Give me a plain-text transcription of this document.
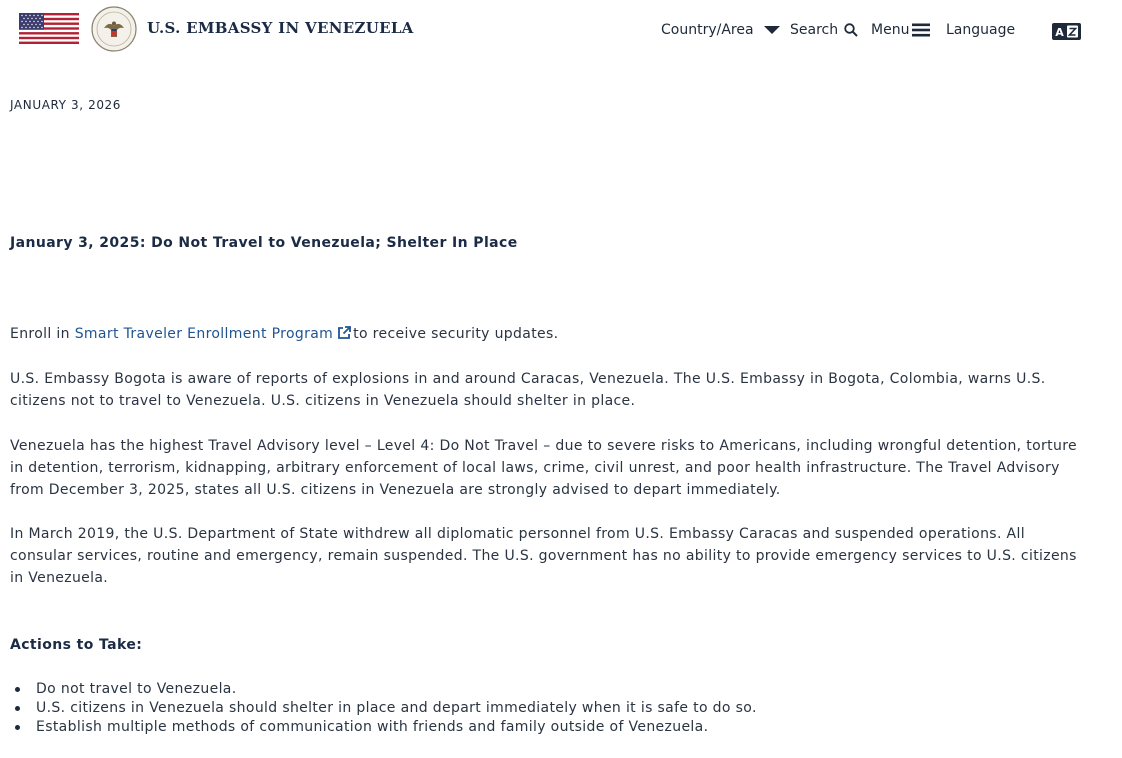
U.S. EMBASSY IN VENEZUELA	Country/Area	Search Menu	Language	A
JANUARY 3, 2026
January 3, 2025: Do Not Travel to Venezuela; Shelter In Place

Enroll in Smart Traveler Enrollment Program to receive security updates.

U.S. Embassy Bogota is aware of reports of explosions in and around Caracas, Venezuela. The U.S. Embassy in Bogota, Colombia, warns U.S. citizens not to travel to Venezuela. U.S. citizens in Venezuela should shelter in place.

Venezuela has the highest Travel Advisory level – Level 4: Do Not Travel – due to severe risks to Americans, including wrongful detention, torture in detention, terrorism, kidnapping, arbitrary enforcement of local laws, crime, civil unrest, and poor health infrastructure. The Travel Advisory from December 3, 2025, states all U.S. citizens in Venezuela are strongly advised to depart immediately.

In March 2019, the U.S. Department of State withdrew all diplomatic personnel from U.S. Embassy Caracas and suspended operations. All consular services, routine and emergency, remain suspended. The U.S. government has no ability to provide emergency services to U.S. citizens in Venezuela.

Actions to Take:
Do not travel to Venezuela.
U.S. citizens in Venezuela should shelter in place and depart immediately when it is safe to do so.
Establish multiple methods of communication with friends and family outside of Venezuela.
